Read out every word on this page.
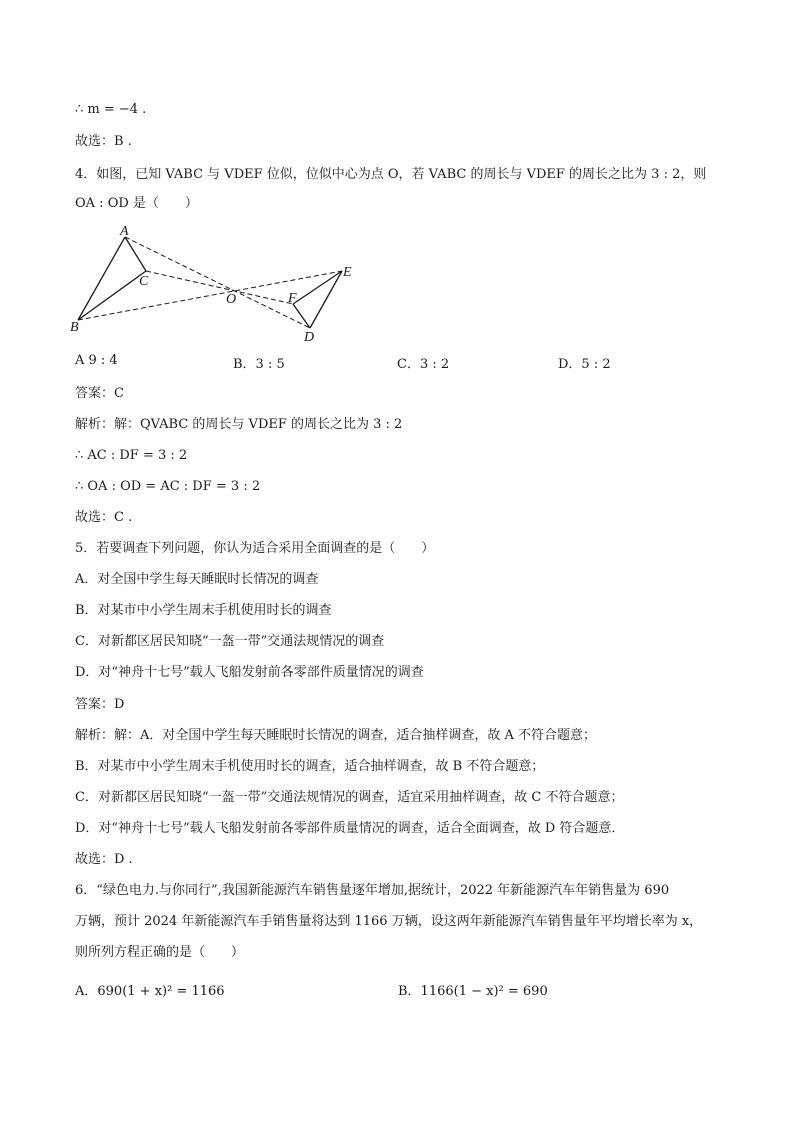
∴ m = −4 .
故选：B .
4．如图，已知 VABC 与 VDEF 位似，位似中心为点 O，若 VABC 的周长与 VDEF 的周长之比为 3 : 2，则
OA : OD 是（　　）
A
B
C
D
E
F
O
A 9 : 4	B．3 : 5	C．3 : 2	D．5 : 2
答案：C
解析：解：QVABC 的周长与 VDEF 的周长之比为 3 : 2
∴ AC : DF = 3 : 2
∴ OA : OD = AC : DF = 3 : 2
故选：C .
5．若要调查下列问题，你认为适合采用全面调查的是（　　）
A．对全国中学生每天睡眠时长情况的调查
B．对某市中小学生周末手机使用时长的调查
C．对新都区居民知晓“一盔一带”交通法规情况的调查
D．对“神舟十七号”载人飞船发射前各零部件质量情况的调查
答案：D
解析：解：A．对全国中学生每天睡眠时长情况的调查，适合抽样调查，故 A 不符合题意；
B．对某市中小学生周末手机使用时长的调查，适合抽样调查，故 B 不符合题意；
C．对新都区居民知晓“一盔一带”交通法规情况的调查，适宜采用抽样调查，故 C 不符合题意；
D．对“神舟十七号”载人飞船发射前各零部件质量情况的调查，适合全面调查，故 D 符合题意．
故选：D .
6．“绿色电力.与你同行”,我国新能源汽车销售量逐年增加,据统计，2022 年新能源汽车年销售量为 690
万辆，预计 2024 年新能源汽车手销售量将达到 1166 万辆，设这两年新能源汽车销售量年平均增长率为 x，
则所列方程正确的是（　　）
A．690(1 + x)² = 1166	B．1166(1 − x)² = 690
